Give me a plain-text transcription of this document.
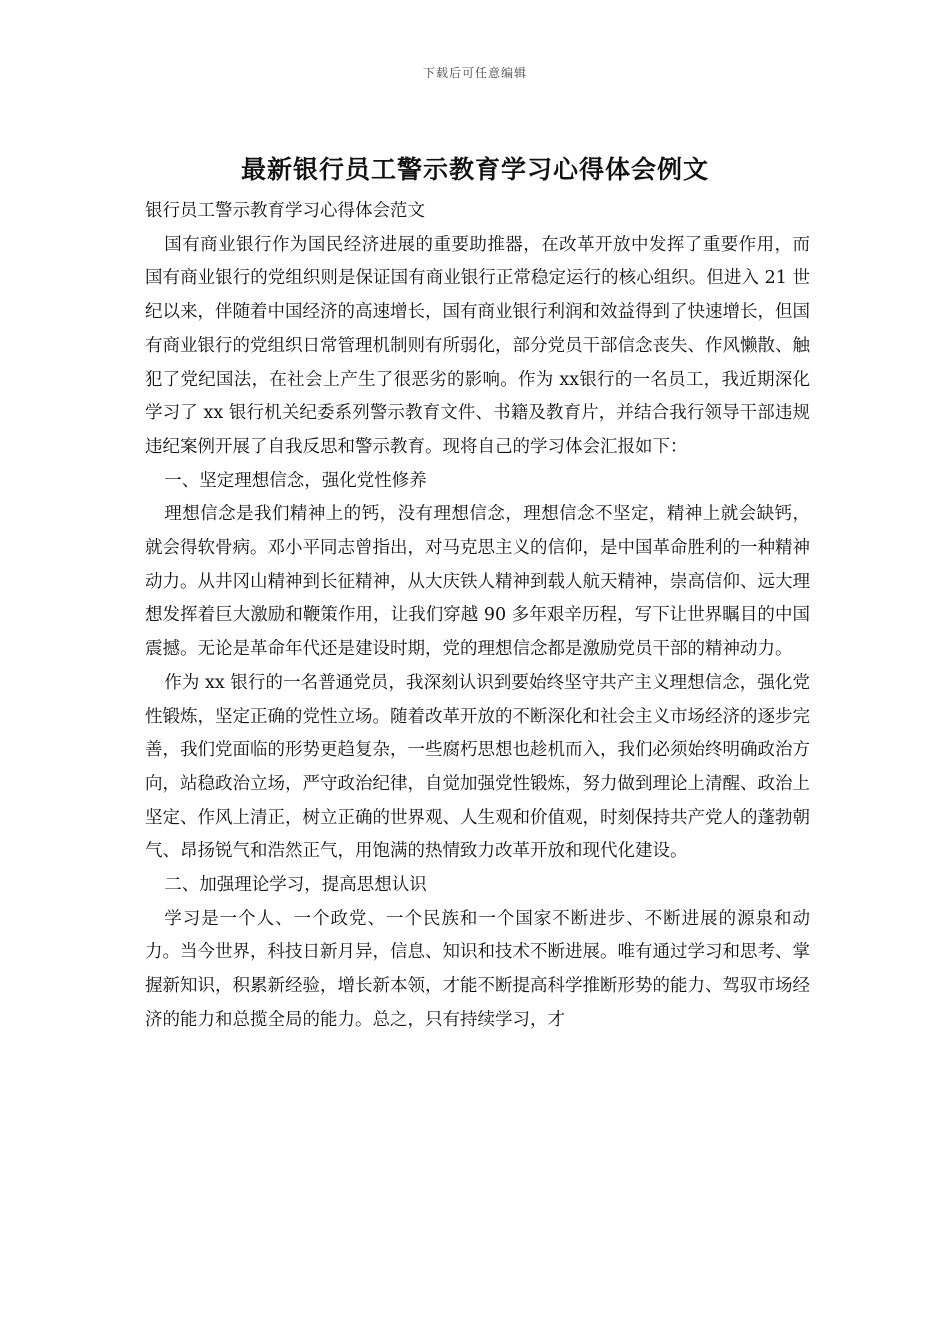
下载后可任意编辑
最新银行员工警示教育学习心得体会例文

银行员工警示教育学习心得体会范文

国有商业银行作为国民经济进展的重要助推器，在改革开放中发挥了重要作用，而国有商业银行的党组织则是保证国有商业银行正常稳定运行的核心组织。但进入 21 世纪以来，伴随着中国经济的高速增长，国有商业银行利润和效益得到了快速增长，但国有商业银行的党组织日常管理机制则有所弱化，部分党员干部信念丧失、作风懒散、触犯了党纪国法，在社会上产生了很恶劣的影响。作为 xx银行的一名员工，我近期深化学习了 xx 银行机关纪委系列警示教育文件、书籍及教育片，并结合我行领导干部违规违纪案例开展了自我反思和警示教育。现将自己的学习体会汇报如下：

一、坚定理想信念，强化党性修养

理想信念是我们精神上的钙，没有理想信念，理想信念不坚定，精神上就会缺钙，就会得软骨病。邓小平同志曾指出，对马克思主义的信仰，是中国革命胜利的一种精神动力。从井冈山精神到长征精神，从大庆铁人精神到载人航天精神，崇高信仰、远大理想发挥着巨大激励和鞭策作用，让我们穿越 90 多年艰辛历程，写下让世界瞩目的中国震撼。无论是革命年代还是建设时期，党的理想信念都是激励党员干部的精神动力。

作为 xx 银行的一名普通党员，我深刻认识到要始终坚守共产主义理想信念，强化党性锻炼，坚定正确的党性立场。随着改革开放的不断深化和社会主义市场经济的逐步完善，我们党面临的形势更趋复杂，一些腐朽思想也趁机而入，我们必须始终明确政治方向，站稳政治立场，严守政治纪律，自觉加强党性锻炼，努力做到理论上清醒、政治上坚定、作风上清正，树立正确的世界观、人生观和价值观，时刻保持共产党人的蓬勃朝气、昂扬锐气和浩然正气，用饱满的热情致力改革开放和现代化建设。

二、加强理论学习，提高思想认识

学习是一个人、一个政党、一个民族和一个国家不断进步、不断进展的源泉和动力。当今世界，科技日新月异，信息、知识和技术不断进展。唯有通过学习和思考、掌握新知识，积累新经验，增长新本领，才能不断提高科学推断形势的能力、驾驭市场经济的能力和总揽全局的能力。总之，只有持续学习，才
